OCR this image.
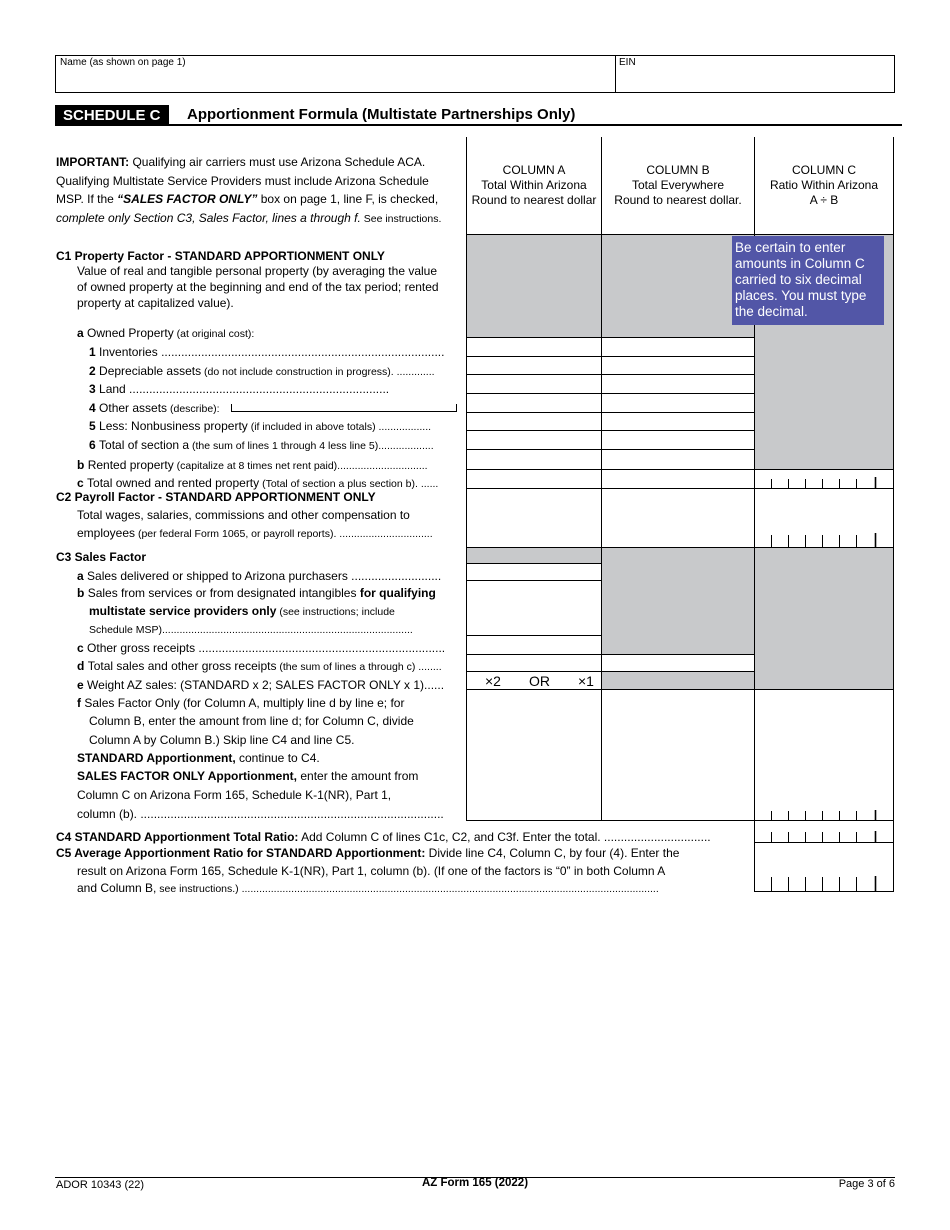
Name (as shown on page 1)	EIN
SCHEDULE C	Apportionment Formula (Multistate Partnerships Only)
COLUMN A
Total Within Arizona
Round to nearest dollar
COLUMN B
Total Everywhere
Round to nearest dollar.
COLUMN C
Ratio Within Arizona
A ÷ B
Be certain to enter amounts in Column C carried to six decimal places. You must type the decimal.
IMPORTANT: Qualifying air carriers must use Arizona Schedule ACA.
Qualifying Multistate Service Providers must include Arizona Schedule
MSP. If the “SALES FACTOR ONLY” box on page 1, line F, is checked,
complete only Section C3, Sales Factor, lines a through f. See instructions.
C1 Property Factor - STANDARD APPORTIONMENT ONLY
Value of real and tangible personal property (by averaging the value
of owned property at the beginning and end of the tax period; rented
property at capitalized value).
a Owned Property (at original cost):
1 Inventories .....................................................................................
2 Depreciable assets (do not include construction in progress). .............
3 Land ..............................................................................
4 Other assets (describe):
5 Less: Nonbusiness property (if included in above totals) ..................
6 Total of section a (the sum of lines 1 through 4 less line 5)...................
b Rented property (capitalize at 8 times net rent paid)...............................
c Total owned and rented property (Total of section a plus section b). ......
C2 Payroll Factor - STANDARD APPORTIONMENT ONLY
Total wages, salaries, commissions and other compensation to
employees (per federal Form 1065, or payroll reports). ................................
C3 Sales Factor
a Sales delivered or shipped to Arizona purchasers ...........................
b Sales from services or from designated intangibles for qualifying
multistate service providers only (see instructions; include
Schedule MSP)......................................................................................
c Other gross receipts ..........................................................................
d Total sales and other gross receipts (the sum of lines a through c) ........
e Weight AZ sales: (STANDARD x 2; SALES FACTOR ONLY x 1)......	×2 OR ×1
f Sales Factor Only (for Column A, multiply line d by line e; for
Column B, enter the amount from line d; for Column C, divide
Column A by Column B.) Skip line C4 and line C5.
STANDARD Apportionment, continue to C4.
SALES FACTOR ONLY Apportionment, enter the amount from
Column C on Arizona Form 165, Schedule K-1(NR), Part 1,
column (b). ...........................................................................................
C4 STANDARD Apportionment Total Ratio: Add Column C of lines C1c, C2, and C3f. Enter the total. ................................
C5 Average Apportionment Ratio for STANDARD Apportionment: Divide line C4, Column C, by four (4). Enter the
result on Arizona Form 165, Schedule K-1(NR), Part 1, column (b). (If one of the factors is “0” in both Column A
and Column B, see instructions.) ...............................................................................................................................................
ADOR 10343 (22)	AZ Form 165 (2022)	Page 3 of 6
